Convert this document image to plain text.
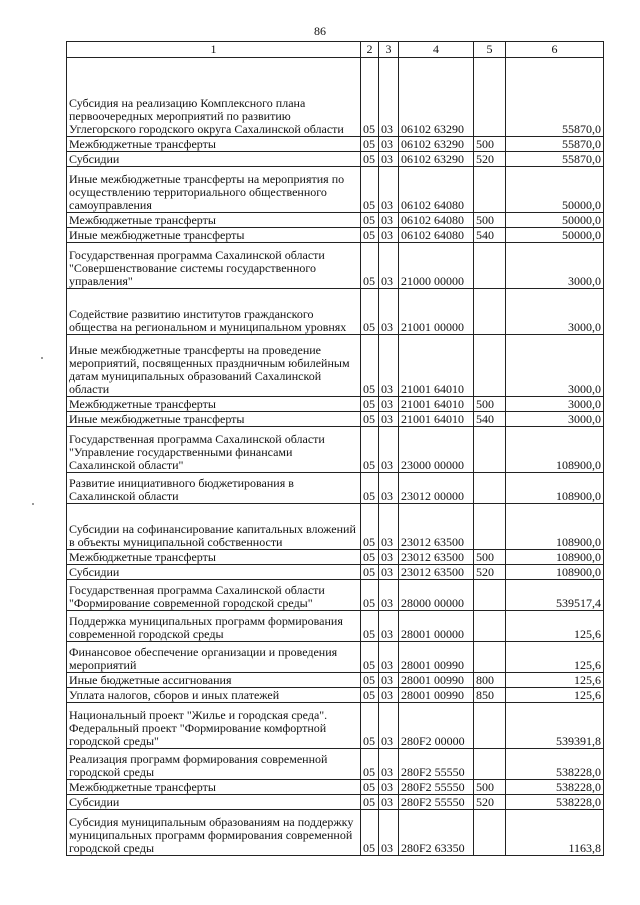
86
1	2	3	4	5	6
Субсидия на реализацию Комплексного плана первоочередных мероприятий по развитию Углегорского городского округа Сахалинской области	05	03	06102 63290		55870,0
Межбюджетные трансферты	05	03	06102 63290	500	55870,0
Субсидии	05	03	06102 63290	520	55870,0
Иные межбюджетные трансферты на мероприятия по осуществлению территориального общественного самоуправления	05	03	06102 64080		50000,0
Межбюджетные трансферты	05	03	06102 64080	500	50000,0
Иные межбюджетные трансферты	05	03	06102 64080	540	50000,0
Государственная программа Сахалинской области "Совершенствование системы государственного управления"	05	03	21000 00000		3000,0
Содействие развитию институтов гражданского общества на региональном и муниципальном уровнях	05	03	21001 00000		3000,0
Иные межбюджетные трансферты на проведение мероприятий, посвященных праздничным юбилейным датам муниципальных образований Сахалинской области	05	03	21001 64010		3000,0
Межбюджетные трансферты	05	03	21001 64010	500	3000,0
Иные межбюджетные трансферты	05	03	21001 64010	540	3000,0
Государственная программа Сахалинской области "Управление государственными финансами Сахалинской области"	05	03	23000 00000		108900,0
Развитие инициативного бюджетирования в Сахалинской области	05	03	23012 00000		108900,0
Субсидии на софинансирование капитальных вложений в объекты муниципальной собственности	05	03	23012 63500		108900,0
Межбюджетные трансферты	05	03	23012 63500	500	108900,0
Субсидии	05	03	23012 63500	520	108900,0
Государственная программа Сахалинской области "Формирование современной городской среды"	05	03	28000 00000		539517,4
Поддержка муниципальных программ формирования современной городской среды	05	03	28001 00000		125,6
Финансовое обеспечение организации и проведения мероприятий	05	03	28001 00990		125,6
Иные бюджетные ассигнования	05	03	28001 00990	800	125,6
Уплата налогов, сборов и иных платежей	05	03	28001 00990	850	125,6
Национальный проект "Жилье и городская среда". Федеральный проект "Формирование комфортной городской среды"	05	03	280F2 00000		539391,8
Реализация программ формирования современной городской среды	05	03	280F2 55550		538228,0
Межбюджетные трансферты	05	03	280F2 55550	500	538228,0
Субсидии	05	03	280F2 55550	520	538228,0
Субсидия муниципальным образованиям на поддержку муниципальных программ формирования современной городской среды	05	03	280F2 63350		1163,8
